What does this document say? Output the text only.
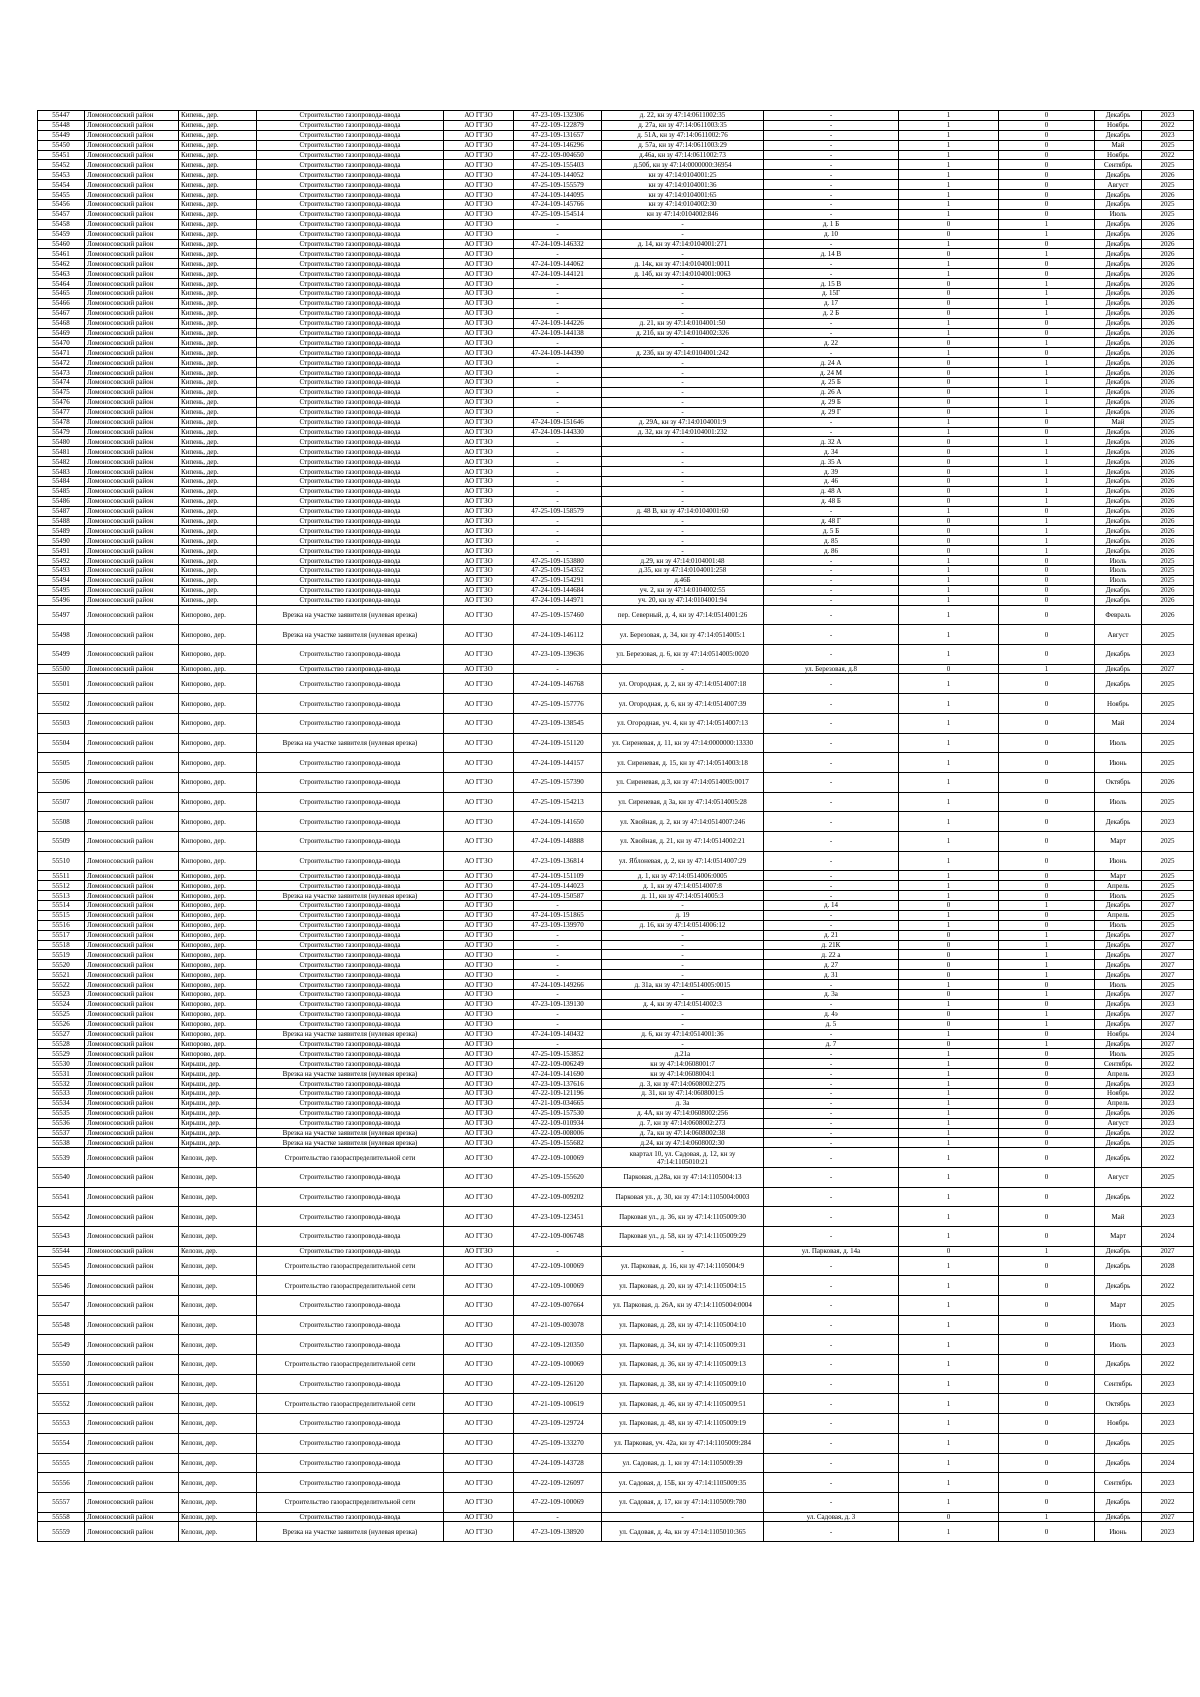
55447	Ломоносовский район	Кипень, дер.	Строительство газопровода-ввода	АО ГГЗО	47-23-109-132306	д. 22, кн зу 47:14:0611002:35	-	1	0	Декабрь	2023
55448	Ломоносовский район	Кипень, дер.	Строительство газопровода-ввода	АО ГГЗО	47-22-109-122879	д. 27а, кн зу 47:14:0611003:35	-	1	0	Ноябрь	2022
55449	Ломоносовский район	Кипень, дер.	Строительство газопровода-ввода	АО ГГЗО	47-23-109-131657	д. 51А, кн зу 47:14:0611002:76	-	1	0	Декабрь	2023
55450	Ломоносовский район	Кипень, дер.	Строительство газопровода-ввода	АО ГГЗО	47-24-109-146296	д. 57а, кн зу 47:14:0611003:29	-	1	0	Май	2025
55451	Ломоносовский район	Кипень, дер.	Строительство газопровода-ввода	АО ГГЗО	47-22-109-004650	д.46а, кн зу 47:14:0611002:73	-	1	0	Ноябрь	2022
55452	Ломоносовский район	Кипень, дер.	Строительство газопровода-ввода	АО ГГЗО	47-25-109-155403	д.50б, кн зу 47:14:0000000:36954	-	1	0	Сентябрь	2025
55453	Ломоносовский район	Кипень, дер.	Строительство газопровода-ввода	АО ГГЗО	47-24-109-144052	кн зу 47:14:0104001:25	-	1	0	Декабрь	2026
55454	Ломоносовский район	Кипень, дер.	Строительство газопровода-ввода	АО ГГЗО	47-25-109-155579	кн зу 47:14:0104001:36	-	1	0	Август	2025
55455	Ломоносовский район	Кипень, дер.	Строительство газопровода-ввода	АО ГГЗО	47-24-109-144095	кн зу 47:14:0104001:65	-	1	0	Декабрь	2026
55456	Ломоносовский район	Кипень, дер.	Строительство газопровода-ввода	АО ГГЗО	47-24-109-145766	кн зу 47:14:0104002:30	-	1	0	Декабрь	2025
55457	Ломоносовский район	Кипень, дер.	Строительство газопровода-ввода	АО ГГЗО	47-25-109-154514	кн зу 47:14:0104002:846	-	1	0	Июль	2025
55458	Ломоносовский район	Кипень, дер.	Строительство газопровода-ввода	АО ГГЗО	-	-	д. 1 Б	0	1	Декабрь	2026
55459	Ломоносовский район	Кипень, дер.	Строительство газопровода-ввода	АО ГГЗО	-	-	д. 10	0	1	Декабрь	2026
55460	Ломоносовский район	Кипень, дер.	Строительство газопровода-ввода	АО ГГЗО	47-24-109-146332	д. 14, кн зу 47:14:0104001:271	-	1	0	Декабрь	2026
55461	Ломоносовский район	Кипень, дер.	Строительство газопровода-ввода	АО ГГЗО	-	-	д. 14 В	0	1	Декабрь	2026
55462	Ломоносовский район	Кипень, дер.	Строительство газопровода-ввода	АО ГГЗО	47-24-109-144062	д. 14к, кн зу 47:14:0104001:0011	-	1	0	Декабрь	2026
55463	Ломоносовский район	Кипень, дер.	Строительство газопровода-ввода	АО ГГЗО	47-24-109-144121	д. 14б, кн зу 47:14:0104001:0063	-	1	0	Декабрь	2026
55464	Ломоносовский район	Кипень, дер.	Строительство газопровода-ввода	АО ГГЗО	-	-	д. 15 В	0	1	Декабрь	2026
55465	Ломоносовский район	Кипень, дер.	Строительство газопровода-ввода	АО ГГЗО	-	-	д. 15Г	0	1	Декабрь	2026
55466	Ломоносовский район	Кипень, дер.	Строительство газопровода-ввода	АО ГГЗО	-	-	д. 17	0	1	Декабрь	2026
55467	Ломоносовский район	Кипень, дер.	Строительство газопровода-ввода	АО ГГЗО	-	-	д. 2 Б	0	1	Декабрь	2026
55468	Ломоносовский район	Кипень, дер.	Строительство газопровода-ввода	АО ГГЗО	47-24-109-144226	д. 21, кн зу 47:14:0104001:50	-	1	0	Декабрь	2026
55469	Ломоносовский район	Кипень, дер.	Строительство газопровода-ввода	АО ГГЗО	47-24-109-144138	д. 21б, кн зу 47:14:0104002:326	-	1	0	Декабрь	2026
55470	Ломоносовский район	Кипень, дер.	Строительство газопровода-ввода	АО ГГЗО	-	-	д. 22	0	1	Декабрь	2026
55471	Ломоносовский район	Кипень, дер.	Строительство газопровода-ввода	АО ГГЗО	47-24-109-144390	д. 23б, кн зу 47:14:0104001:242	-	1	0	Декабрь	2026
55472	Ломоносовский район	Кипень, дер.	Строительство газопровода-ввода	АО ГГЗО	-	-	д. 24 А	0	1	Декабрь	2026
55473	Ломоносовский район	Кипень, дер.	Строительство газопровода-ввода	АО ГГЗО	-	-	д. 24 М	0	1	Декабрь	2026
55474	Ломоносовский район	Кипень, дер.	Строительство газопровода-ввода	АО ГГЗО	-	-	д. 25 Б	0	1	Декабрь	2026
55475	Ломоносовский район	Кипень, дер.	Строительство газопровода-ввода	АО ГГЗО	-	-	д. 26 А	0	1	Декабрь	2026
55476	Ломоносовский район	Кипень, дер.	Строительство газопровода-ввода	АО ГГЗО	-	-	д. 29 Б	0	1	Декабрь	2026
55477	Ломоносовский район	Кипень, дер.	Строительство газопровода-ввода	АО ГГЗО	-	-	д. 29 Г	0	1	Декабрь	2026
55478	Ломоносовский район	Кипень, дер.	Строительство газопровода-ввода	АО ГГЗО	47-24-109-151646	д. 29А, кн зу 47:14:0104001:9	-	1	0	Май	2025
55479	Ломоносовский район	Кипень, дер.	Строительство газопровода-ввода	АО ГГЗО	47-24-109-144330	д. 32, кн зу 47:14:0104001:232	-	1	0	Декабрь	2026
55480	Ломоносовский район	Кипень, дер.	Строительство газопровода-ввода	АО ГГЗО	-	-	д. 32 А	0	1	Декабрь	2026
55481	Ломоносовский район	Кипень, дер.	Строительство газопровода-ввода	АО ГГЗО	-	-	д. 34	0	1	Декабрь	2026
55482	Ломоносовский район	Кипень, дер.	Строительство газопровода-ввода	АО ГГЗО	-	-	д. 35 А	0	1	Декабрь	2026
55483	Ломоносовский район	Кипень, дер.	Строительство газопровода-ввода	АО ГГЗО	-	-	д. 39	0	1	Декабрь	2026
55484	Ломоносовский район	Кипень, дер.	Строительство газопровода-ввода	АО ГГЗО	-	-	д. 46	0	1	Декабрь	2026
55485	Ломоносовский район	Кипень, дер.	Строительство газопровода-ввода	АО ГГЗО	-	-	д. 48 А	0	1	Декабрь	2026
55486	Ломоносовский район	Кипень, дер.	Строительство газопровода-ввода	АО ГГЗО	-	-	д. 48 Б	0	1	Декабрь	2026
55487	Ломоносовский район	Кипень, дер.	Строительство газопровода-ввода	АО ГГЗО	47-25-109-158579	д. 48 В, кн зу 47:14:0104001:60	-	1	0	Декабрь	2026
55488	Ломоносовский район	Кипень, дер.	Строительство газопровода-ввода	АО ГГЗО	-	-	д. 48 Г	0	1	Декабрь	2026
55489	Ломоносовский район	Кипень, дер.	Строительство газопровода-ввода	АО ГГЗО	-	-	д. 5 Б	0	1	Декабрь	2026
55490	Ломоносовский район	Кипень, дер.	Строительство газопровода-ввода	АО ГГЗО	-	-	д. 85	0	1	Декабрь	2026
55491	Ломоносовский район	Кипень, дер.	Строительство газопровода-ввода	АО ГГЗО	-	-	д. 86	0	1	Декабрь	2026
55492	Ломоносовский район	Кипень, дер.	Строительство газопровода-ввода	АО ГГЗО	47-25-109-153880	д.29, кн зу 47:14:0104001:48	-	1	0	Июль	2025
55493	Ломоносовский район	Кипень, дер.	Строительство газопровода-ввода	АО ГГЗО	47-25-109-154352	д.35, кн зу 47:14:0104001:258	-	1	0	Июль	2025
55494	Ломоносовский район	Кипень, дер.	Строительство газопровода-ввода	АО ГГЗО	47-25-109-154291	д.46Б	-	1	0	Июль	2025
55495	Ломоносовский район	Кипень, дер.	Строительство газопровода-ввода	АО ГГЗО	47-24-109-144684	уч. 2, кн зу 47:14:0104002:55	-	1	0	Декабрь	2026
55496	Ломоносовский район	Кипень, дер.	Строительство газопровода-ввода	АО ГГЗО	47-24-109-144971	уч. 20, кн зу 47:14:0104001:94	-	1	0	Декабрь	2026
55497	Ломоносовский район	Кипорово, дер.	Врезка на участке заявителя (нулевая врезка)	АО ГГЗО	47-25-109-157460	пер. Северный, д. 4, кн зу 47:14:0514001:26	-	1	0	Февраль	2026
55498	Ломоносовский район	Кипорово, дер.	Врезка на участке заявителя (нулевая врезка)	АО ГГЗО	47-24-109-146112	ул. Березовая, д. 34, кн зу 47:14:0514005:1	-	1	0	Август	2025
55499	Ломоносовский район	Кипорово, дер.	Строительство газопровода-ввода	АО ГГЗО	47-23-109-139636	ул. Березовая, д. 6, кн зу 47:14:0514005:0020	-	1	0	Декабрь	2023
55500	Ломоносовский район	Кипорово, дер.	Строительство газопровода-ввода	АО ГГЗО	-	-	ул. Березовая, д.8	0	1	Декабрь	2027
55501	Ломоносовский район	Кипорово, дер.	Строительство газопровода-ввода	АО ГГЗО	47-24-109-146768	ул. Огородная, д. 2, кн зу 47:14:0514007:18	-	1	0	Декабрь	2025
55502	Ломоносовский район	Кипорово, дер.	Строительство газопровода-ввода	АО ГГЗО	47-25-109-157776	ул. Огородная, д. 6, кн зу 47:14:0514007:39	-	1	0	Ноябрь	2025
55503	Ломоносовский район	Кипорово, дер.	Строительство газопровода-ввода	АО ГГЗО	47-23-109-138545	ул. Огородная, уч. 4, кн зу 47:14:0514007:13	-	1	0	Май	2024
55504	Ломоносовский район	Кипорово, дер.	Врезка на участке заявителя (нулевая врезка)	АО ГГЗО	47-24-109-151120	ул. Сиреневая, д. 11, кн зу 47:14:0000000:13330	-	1	0	Июль	2025
55505	Ломоносовский район	Кипорово, дер.	Строительство газопровода-ввода	АО ГГЗО	47-24-109-144157	ул. Сиреневая, д. 15, кн зу 47:14:0514003:18	-	1	0	Июнь	2025
55506	Ломоносовский район	Кипорово, дер.	Строительство газопровода-ввода	АО ГГЗО	47-25-109-157390	ул. Сиреневая, д.3, кн зу 47:14:0514005:0017	-	1	0	Октябрь	2026
55507	Ломоносовский район	Кипорово, дер.	Строительство газопровода-ввода	АО ГГЗО	47-25-109-154213	ул. Сиреневая, д 3а, кн зу 47:14:0514005:28	-	1	0	Июль	2025
55508	Ломоносовский район	Кипорово, дер.	Строительство газопровода-ввода	АО ГГЗО	47-24-109-141650	ул. Хвойная, д. 2, кн зу 47:14:0514007:246	-	1	0	Декабрь	2023
55509	Ломоносовский район	Кипорово, дер.	Строительство газопровода-ввода	АО ГГЗО	47-24-109-148888	ул. Хвойная, д. 21, кн зу 47:14:0514002:21	-	1	0	Март	2025
55510	Ломоносовский район	Кипорово, дер.	Строительство газопровода-ввода	АО ГГЗО	47-23-109-136814	ул. Яблоневая, д. 2, кн зу 47:14:0514007:29	-	1	0	Июнь	2025
55511	Ломоносовский район	Кипорово, дер.	Строительство газопровода-ввода	АО ГГЗО	47-24-109-151109	д. 1, кн зу 47:14:0514006:0005	-	1	0	Март	2025
55512	Ломоносовский район	Кипорово, дер.	Строительство газопровода-ввода	АО ГГЗО	47-24-109-144023	д. 1, кн зу 47:14:0514007:8	-	1	0	Апрель	2025
55513	Ломоносовский район	Кипорово, дер.	Врезка на участке заявителя (нулевая врезка)	АО ГГЗО	47-24-109-150587	д. 11, кн зу 47:14:0514005:3	-	1	0	Июль	2025
55514	Ломоносовский район	Кипорово, дер.	Строительство газопровода-ввода	АО ГГЗО	-	-	д. 14	0	1	Декабрь	2027
55515	Ломоносовский район	Кипорово, дер.	Строительство газопровода-ввода	АО ГГЗО	47-24-109-151865	д. 19	-	1	0	Апрель	2025
55516	Ломоносовский район	Кипорово, дер.	Строительство газопровода-ввода	АО ГГЗО	47-23-109-139970	д. 16, кн зу 47:14:0514006:12	-	1	0	Июль	2025
55517	Ломоносовский район	Кипорово, дер.	Строительство газопровода-ввода	АО ГГЗО	-	-	д. 21	0	1	Декабрь	2027
55518	Ломоносовский район	Кипорово, дер.	Строительство газопровода-ввода	АО ГГЗО	-	-	д. 21К	0	1	Декабрь	2027
55519	Ломоносовский район	Кипорово, дер.	Строительство газопровода-ввода	АО ГГЗО	-	-	д. 22 а	0	1	Декабрь	2027
55520	Ломоносовский район	Кипорово, дер.	Строительство газопровода-ввода	АО ГГЗО	-	-	д. 27	0	1	Декабрь	2027
55521	Ломоносовский район	Кипорово, дер.	Строительство газопровода-ввода	АО ГГЗО	-	-	д. 31	0	1	Декабрь	2027
55522	Ломоносовский район	Кипорово, дер.	Строительство газопровода-ввода	АО ГГЗО	47-24-109-149266	д. 31а, кн зу 47:14:0514005:0015	-	1	0	Июль	2025
55523	Ломоносовский район	Кипорово, дер.	Строительство газопровода-ввода	АО ГГЗО	-	-	д. 3а	0	1	Декабрь	2027
55524	Ломоносовский район	Кипорово, дер.	Строительство газопровода-ввода	АО ГГЗО	47-23-109-139130	д. 4, кн зу 47:14:0514002:3	-	1	0	Декабрь	2023
55525	Ломоносовский район	Кипорово, дер.	Строительство газопровода-ввода	АО ГГЗО	-	-	д. 4э	0	1	Декабрь	2027
55526	Ломоносовский район	Кипорово, дер.	Строительство газопровода-ввода	АО ГГЗО	-	-	д. 5	0	1	Декабрь	2027
55527	Ломоносовский район	Кипорово, дер.	Врезка на участке заявителя (нулевая врезка)	АО ГГЗО	47-24-109-140432	д. 6, кн зу 47:14:0514001:36	-	1	0	Ноябрь	2024
55528	Ломоносовский район	Кипорово, дер.	Строительство газопровода-ввода	АО ГГЗО	-	-	д. 7	0	1	Декабрь	2027
55529	Ломоносовский район	Кипорово, дер.	Строительство газопровода-ввода	АО ГГЗО	47-25-109-153852	д.21а	-	1	0	Июль	2025
55530	Ломоносовский район	Кирьши, дер.	Строительство газопровода-ввода	АО ГГЗО	47-22-109-006249	кн зу 47:14:0608001:7	-	1	0	Сентябрь	2022
55531	Ломоносовский район	Кирьши, дер.	Врезка на участке заявителя (нулевая врезка)	АО ГГЗО	47-24-109-141690	кн зу 47:14:0608004:1	-	1	0	Апрель	2023
55532	Ломоносовский район	Кирьши, дер.	Строительство газопровода-ввода	АО ГГЗО	47-23-109-137616	д. 3, кн зу 47:14:0608002:275	-	1	0	Декабрь	2023
55533	Ломоносовский район	Кирьши, дер.	Строительство газопровода-ввода	АО ГГЗО	47-22-109-121196	д. 31, кн зу 47:14:0608001:5	-	1	0	Ноябрь	2022
55534	Ломоносовский район	Кирьши, дер.	Строительство газопровода-ввода	АО ГГЗО	47-21-109-034665	д. 3а	-	1	0	Апрель	2023
55535	Ломоносовский район	Кирьши, дер.	Строительство газопровода-ввода	АО ГГЗО	47-25-109-157530	д. 4А, кн зу 47:14:0608002:256	-	1	0	Декабрь	2026
55536	Ломоносовский район	Кирьши, дер.	Строительство газопровода-ввода	АО ГГЗО	47-22-109-010934	д. 7, кн зу 47:14:0608002:273	-	1	0	Август	2023
55537	Ломоносовский район	Кирьши, дер.	Врезка на участке заявителя (нулевая врезка)	АО ГГЗО	47-22-109-008006	д. 7а, кн зу 47:14:0608002:38	-	1	0	Декабрь	2022
55538	Ломоносовский район	Кирьши, дер.	Врезка на участке заявителя (нулевая врезка)	АО ГГЗО	47-25-109-155682	д.24, кн зу 47:14:0608002:30	-	1	0	Декабрь	2025
55539	Ломоносовский район	Келози, дер.	Строительство газораспределительной сети	АО ГГЗО	47-22-109-100069	квартал 10, ул. Садовая, д. 12, кн зу 47:14:1105010:21	-	1	0	Декабрь	2022
55540	Ломоносовский район	Келози, дер.	Строительство газопровода-ввода	АО ГГЗО	47-25-109-155620	Парковая, д.28а, кн зу 47:14:1105004:13	-	1	0	Август	2025
55541	Ломоносовский район	Келози, дер.	Строительство газопровода-ввода	АО ГГЗО	47-22-109-009202	Парковая ул., д. 30, кн зу 47:14:1105004:0003	-	1	0	Декабрь	2022
55542	Ломоносовский район	Келози, дер.	Строительство газопровода-ввода	АО ГГЗО	47-23-109-123451	Парковая ул., д. 36, кн зу 47:14:1105009:30	-	1	0	Май	2023
55543	Ломоносовский район	Келози, дер.	Строительство газопровода-ввода	АО ГГЗО	47-22-109-006748	Парковая ул., д. 58, кн зу 47:14:1105009:29	-	1	0	Март	2024
55544	Ломоносовский район	Келози, дер.	Строительство газопровода-ввода	АО ГГЗО	-	-	ул. Парковая, д. 14а	0	1	Декабрь	2027
55545	Ломоносовский район	Келози, дер.	Строительство газораспределительной сети	АО ГГЗО	47-22-109-100069	ул. Парковая, д. 16, кн зу 47:14:1105004:9	-	1	0	Декабрь	2028
55546	Ломоносовский район	Келози, дер.	Строительство газораспределительной сети	АО ГГЗО	47-22-109-100069	ул. Парковая, д. 20, кн зу 47:14:1105004:15	-	1	0	Декабрь	2022
55547	Ломоносовский район	Келози, дер.	Строительство газопровода-ввода	АО ГГЗО	47-22-109-007664	ул. Парковая, д. 26А, кн зу 47:14:1105004:0004	-	1	0	Март	2025
55548	Ломоносовский район	Келози, дер.	Строительство газопровода-ввода	АО ГГЗО	47-21-109-003078	ул. Парковая, д. 28, кн зу 47:14:1105004:10	-	1	0	Июль	2023
55549	Ломоносовский район	Келози, дер.	Строительство газопровода-ввода	АО ГГЗО	47-22-109-120350	ул. Парковая, д. 34, кн зу 47:14:1105009:31	-	1	0	Июль	2023
55550	Ломоносовский район	Келози, дер.	Строительство газораспределительной сети	АО ГГЗО	47-22-109-100069	ул. Парковая, д. 36, кн зу 47:14:1105009:13	-	1	0	Декабрь	2022
55551	Ломоносовский район	Келози, дер.	Строительство газопровода-ввода	АО ГГЗО	47-22-109-126120	ул. Парковая, д. 38, кн зу 47:14:1105009:10	-	1	0	Сентябрь	2023
55552	Ломоносовский район	Келози, дер.	Строительство газораспределительной сети	АО ГГЗО	47-21-109-100619	ул. Парковая, д. 46, кн зу 47:14:1105009:51	-	1	0	Октябрь	2023
55553	Ломоносовский район	Келози, дер.	Строительство газопровода-ввода	АО ГГЗО	47-23-109-129724	ул. Парковая, д. 48, кн зу 47:14:1105009:19	-	1	0	Ноябрь	2023
55554	Ломоносовский район	Келози, дер.	Строительство газопровода-ввода	АО ГГЗО	47-25-109-133270	ул. Парковая, уч. 42а, кн зу 47:14:1105009:284	-	1	0	Декабрь	2025
55555	Ломоносовский район	Келози, дер.	Строительство газопровода-ввода	АО ГГЗО	47-24-109-143728	ул. Садовая, д. 1, кн зу 47:14:1105009:39	-	1	0	Декабрь	2024
55556	Ломоносовский район	Келози, дер.	Строительство газопровода-ввода	АО ГГЗО	47-22-109-126097	ул. Садовая, д. 15Б, кн зу 47:14:1105009:35	-	1	0	Сентябрь	2023
55557	Ломоносовский район	Келози, дер.	Строительство газораспределительной сети	АО ГГЗО	47-22-109-100069	ул. Садовая, д. 17, кн зу 47:14:1105009:780	-	1	0	Декабрь	2022
55558	Ломоносовский район	Келози, дер.	Строительство газопровода-ввода	АО ГГЗО	-	-	ул. Садовая, д. 3	0	1	Декабрь	2027
55559	Ломоносовский район	Келози, дер.	Врезка на участке заявителя (нулевая врезка)	АО ГГЗО	47-23-109-138920	ул. Садовая, д. 4а, кн зу 47:14:1105010:365	-	1	0	Июнь	2023
